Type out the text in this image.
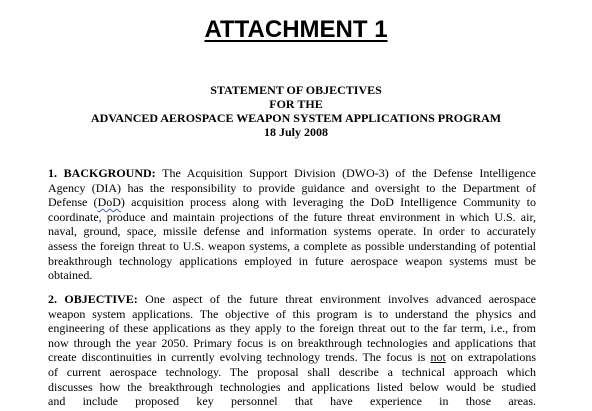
ATTACHMENT 1
STATEMENT OF OBJECTIVES
FOR THE
ADVANCED AEROSPACE WEAPON SYSTEM APPLICATIONS PROGRAM
18 July 2008
1. BACKGROUND: The Acquisition Support Division (DWO-3) of the Defense Intelligence
Agency (DIA) has the responsibility to provide guidance and oversight to the Department of
Defense (DoD) acquisition process along with leveraging the DoD Intelligence Community to
coordinate, produce and maintain projections of the future threat environment in which U.S. air,
naval, ground, space, missile defense and information systems operate. In order to accurately
assess the foreign threat to U.S. weapon systems, a complete as possible understanding of potential
breakthrough technology applications employed in future aerospace weapon systems must be
obtained.
2. OBJECTIVE: One aspect of the future threat environment involves advanced aerospace
weapon system applications. The objective of this program is to understand the physics and
engineering of these applications as they apply to the foreign threat out to the far term, i.e., from
now through the year 2050. Primary focus is on breakthrough technologies and applications that
create discontinuities in currently evolving technology trends. The focus is not on extrapolations
of current aerospace technology. The proposal shall describe a technical approach which
discusses how the breakthrough technologies and applications listed below would be studied
and include proposed key personnel that have experience in those areas.
